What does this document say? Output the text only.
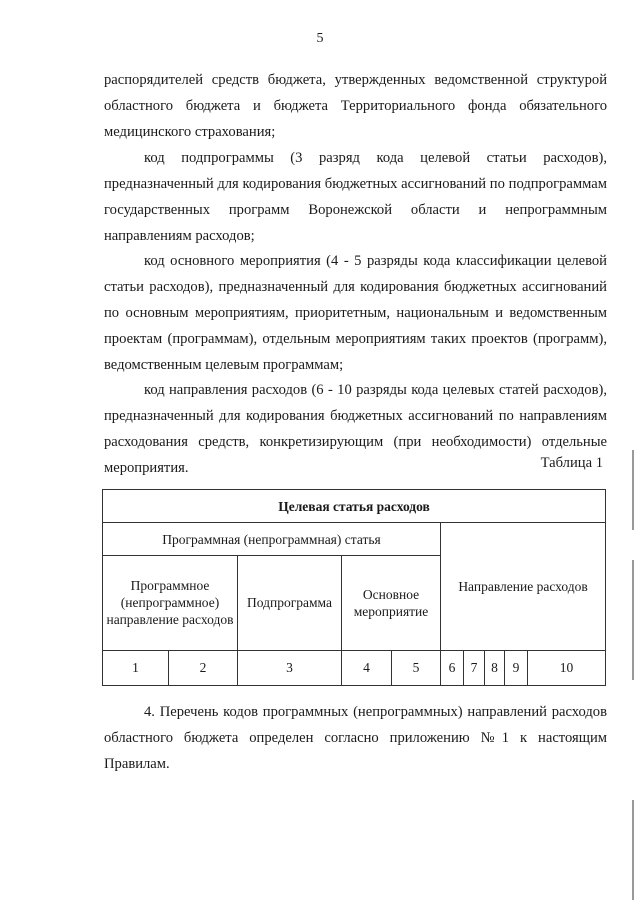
5

распорядителей средств бюджета, утвержденных ведомственной структурой областного бюджета и бюджета Территориального фонда обязательного медицинского страхования;

код подпрограммы (3 разряд кода целевой статьи расходов), предназначенный для кодирования бюджетных ассигнований по подпрограммам государственных программ Воронежской области и непрограммным направлениям расходов;

код основного мероприятия (4 - 5 разряды кода классификации целевой статьи расходов), предназначенный для кодирования бюджетных ассигнований по основным мероприятиям, приоритетным, национальным и ведомственным проектам (программам), отдельным мероприятиям таких проектов (программ), ведомственным целевым программам;

код направления расходов (6 - 10 разряды кода целевых статей расходов), предназначенный для кодирования бюджетных ассигнований по направлениям расходования средств, конкретизирующим (при необходимости) отдельные мероприятия.	Таблица 1
Целевая статья расходов									
Программная (непрограммная) статья					Направление расходов				
Программное (непрограммное) направление расходов		Подпрограмма	Основное мероприятие						
1	2	3	4	5	6	7	8	9	10

4. Перечень кодов программных (непрограммных) направлений расходов областного бюджета определен согласно приложению №1 к настоящим Правилам.
